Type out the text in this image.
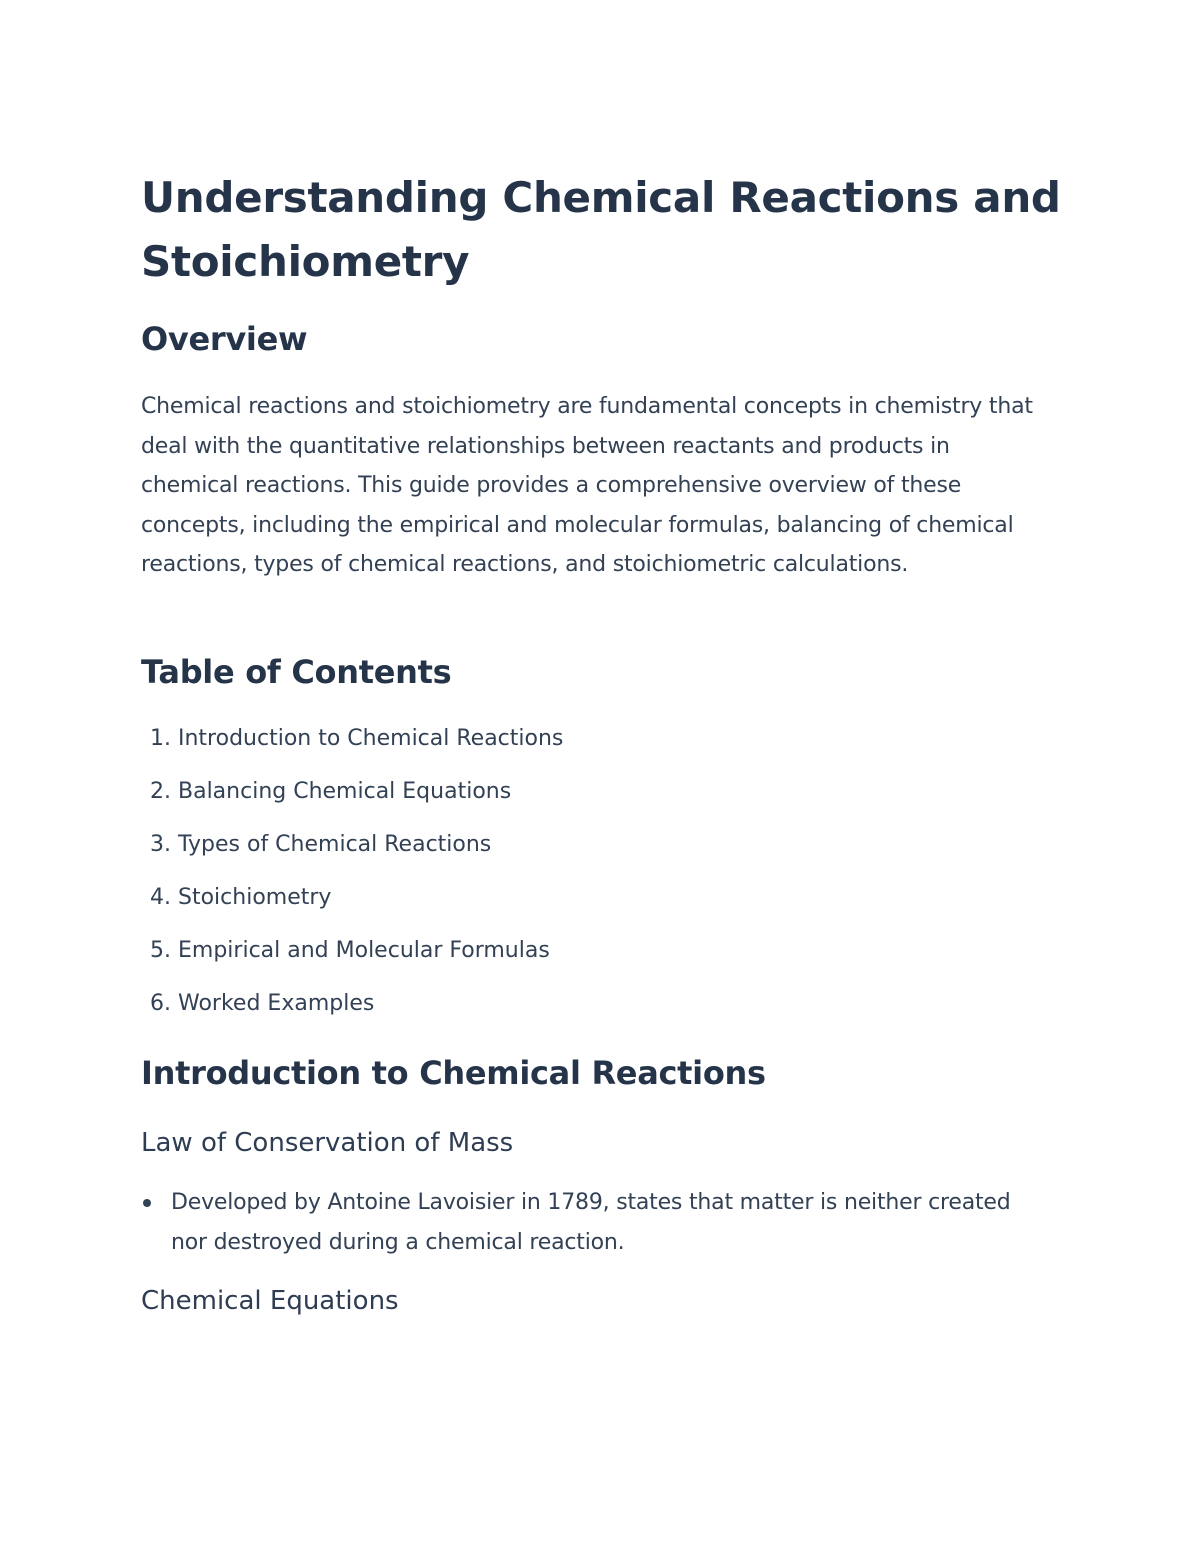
Understanding Chemical Reactions and Stoichiometry
Overview

Chemical reactions and stoichiometry are fundamental concepts in chemistry that deal with the quantitative relationships between reactants and products in chemical reactions. This guide provides a comprehensive overview of these concepts, including the empirical and molecular formulas, balancing of chemical reactions, types of chemical reactions, and stoichiometric calculations.

Table of Contents
1. Introduction to Chemical Reactions
2. Balancing Chemical Equations
3. Types of Chemical Reactions
4. Stoichiometry
5. Empirical and Molecular Formulas
6. Worked Examples
Introduction to Chemical Reactions
Law of Conservation of Mass
Developed by Antoine Lavoisier in 1789, states that matter is neither created nor destroyed during a chemical reaction.
Chemical Equations
